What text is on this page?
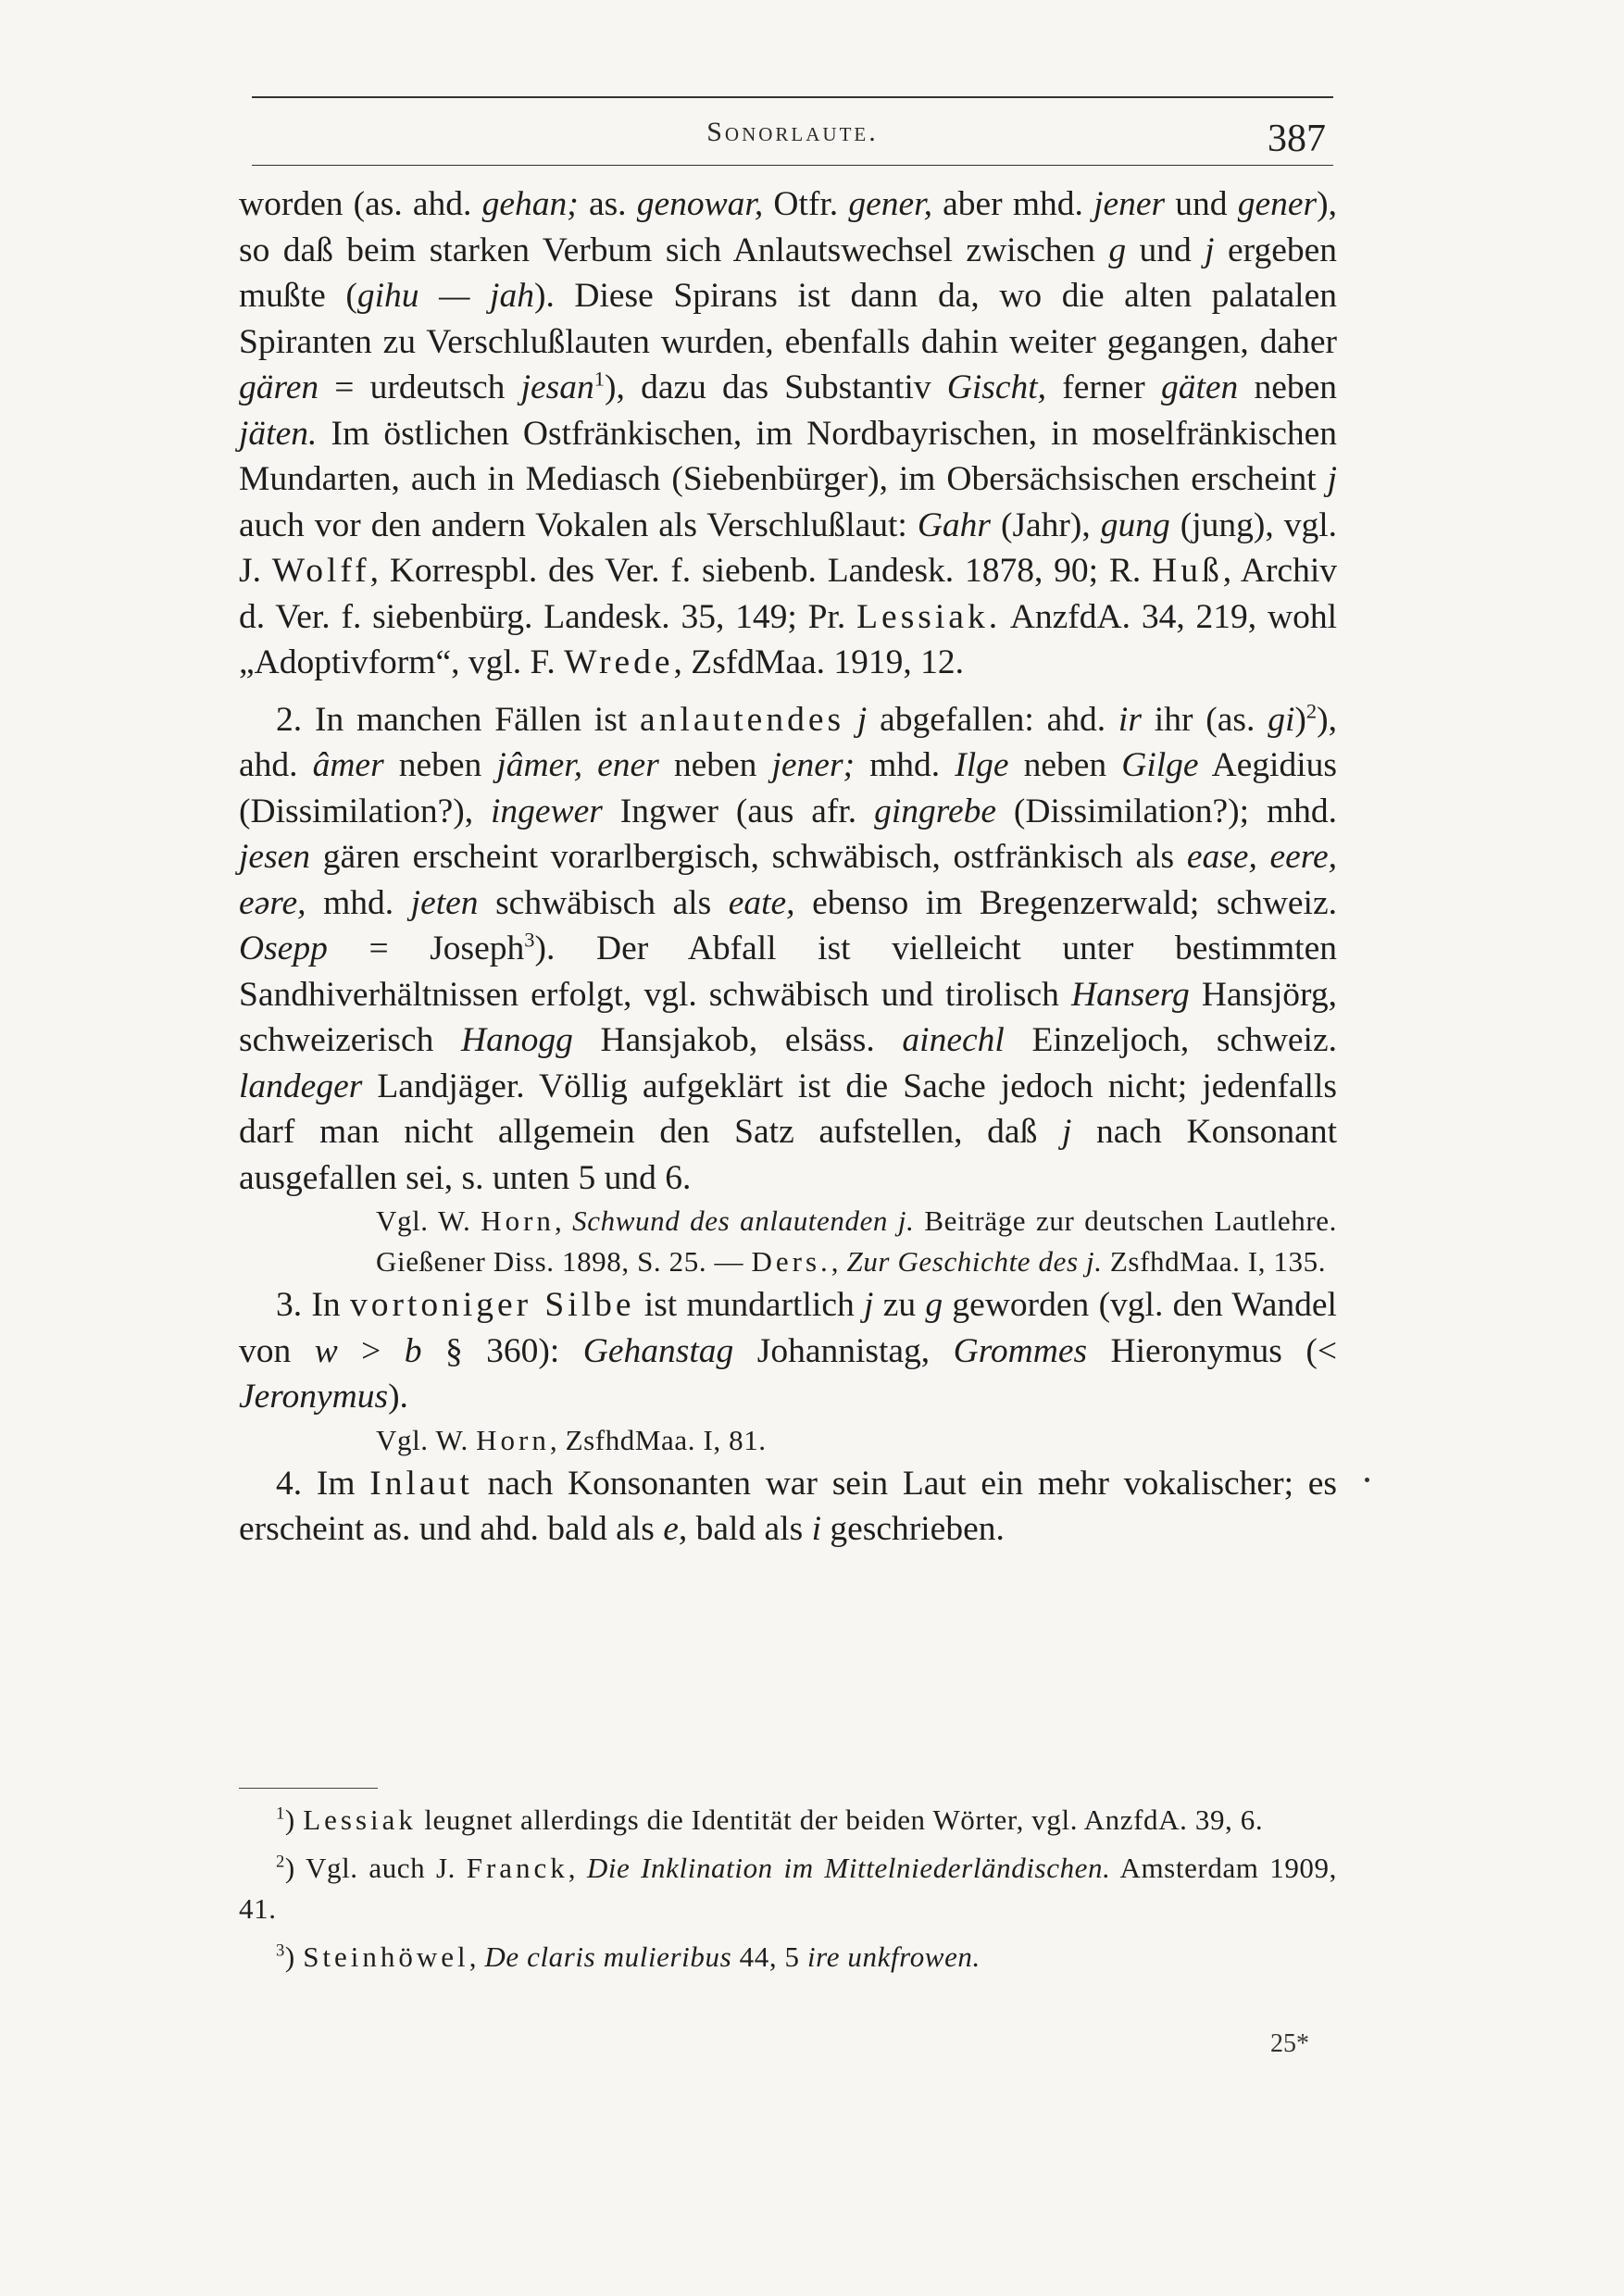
Sonorlaute.	387

worden (as. ahd. gehan; as. genowar, Otfr. gener, aber mhd. jener und gener), so daß beim starken Verbum sich Anlautswechsel zwischen g und j ergeben mußte (gihu — jah). Diese Spirans ist dann da, wo die alten palatalen Spiranten zu Verschlußlauten wurden, ebenfalls dahin weiter gegangen, daher gären = urdeutsch jesan$^1$), dazu das Substantiv Gischt, ferner gäten neben jäten. Im östlichen Ostfränkischen, im Nordbayrischen, in moselfränkischen Mundarten, auch in Mediasch (Siebenbürger), im Obersächsischen erscheint j auch vor den andern Vokalen als Verschlußlaut: Gahr (Jahr), gung (jung), vgl. J. Wolff, Korrespbl. des Ver. f. siebenb. Landesk. 1878, 90; R. Huß, Archiv d. Ver. f. siebenbürg. Landesk. 35, 149; Pr. Lessiak. AnzfdA. 34, 219, wohl „Adoptivform“, vgl. F. Wrede, ZsfdMaa. 1919, 12.

2. In manchen Fällen ist anlautendes j abgefallen: ahd. ir ihr (as. gi)$^2$), ahd. âmer neben jâmer, ener neben jener; mhd. Ilge neben Gilge Aegidius (Dissimilation?), ingewer Ingwer (aus afr. gingrebe (Dissimilation?); mhd. jesen gären erscheint vorarlbergisch, schwäbisch, ostfränkisch als ease, eere, eəre, mhd. jeten schwäbisch als eate, ebenso im Bregenzerwald; schweiz. Osepp = Joseph$^3$). Der Abfall ist vielleicht unter bestimmten Sandhiverhältnissen erfolgt, vgl. schwäbisch und tirolisch Hanserg Hansjörg, schweizerisch Hanogg Hansjakob, elsäss. ainechl Einzeljoch, schweiz. landeger Landjäger. Völlig aufgeklärt ist die Sache jedoch nicht; jedenfalls darf man nicht allgemein den Satz aufstellen, daß j nach Konsonant ausgefallen sei, s. unten 5 und 6.

Vgl. W. Horn, Schwund des anlautenden j. Beiträge zur deutschen Lautlehre. Gießener Diss. 1898, S. 25. — Ders., Zur Geschichte des j. ZsfhdMaa. I, 135.

3. In vortoniger Silbe ist mundartlich j zu g geworden (vgl. den Wandel von w > b § 360): Gehanstag Johannistag, Grommes Hieronymus (< Jeronymus).

Vgl. W. Horn, ZsfhdMaa. I, 81.

4. Im Inlaut nach Konsonanten war sein Laut ein mehr vokalischer; es erscheint as. und ahd. bald als e, bald als i geschrieben.

$^1$) Lessiak leugnet allerdings die Identität der beiden Wörter, vgl. AnzfdA. 39, 6.

$^2$) Vgl. auch J. Franck, Die Inklination im Mittelniederländischen. Amsterdam 1909, 41.

$^3$) Steinhöwel, De claris mulieribus 44, 5 ire unkfrowen.

25*
